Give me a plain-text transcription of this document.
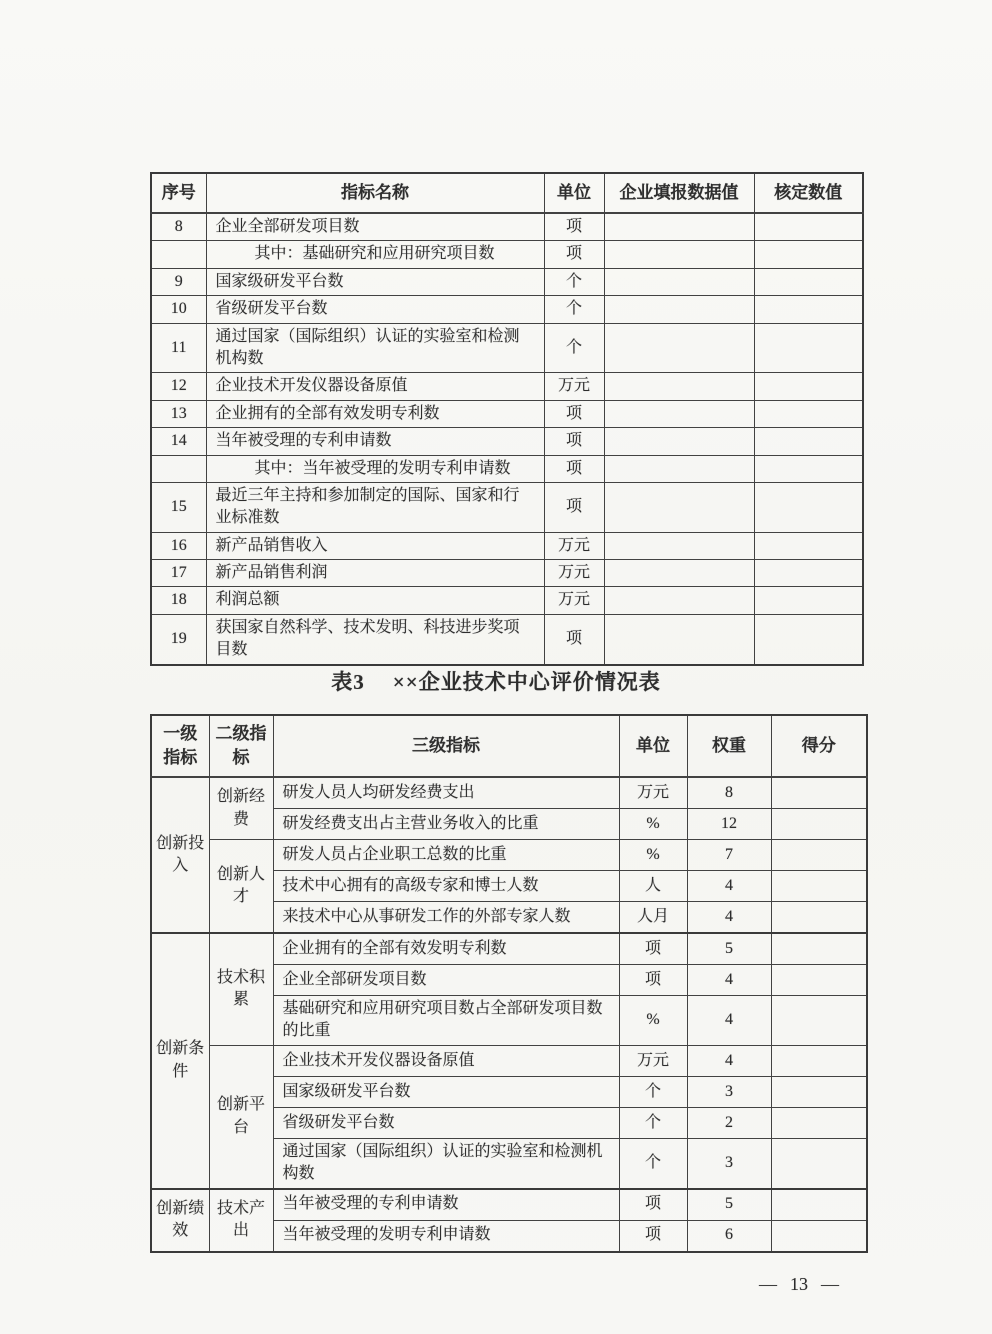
序号	指标名称	单位	企业填报数据值	核定数值
8	企业全部研发项目数	项		
	其中：基础研究和应用研究项目数	项		
9	国家级研发平台数	个		
10	省级研发平台数	个		
11	通过国家（国际组织）认证的实验室和检测机构数	个		
12	企业技术开发仪器设备原值	万元		
13	企业拥有的全部有效发明专利数	项		
14	当年被受理的专利申请数	项		
	其中：当年被受理的发明专利申请数	项		
15	最近三年主持和参加制定的国际、国家和行业标准数	项		
16	新产品销售收入	万元		
17	新产品销售利润	万元		
18	利润总额	万元		
19	获国家自然科学、技术发明、科技进步奖项目数	项		
表3 ××企业技术中心评价情况表
一级指标	二级指标	三级指标	单位	权重	得分
创新投入	创新经费	研发人员人均研发经费支出	万元	8	
		研发经费支出占主营业务收入的比重	%	12	
	创新人才	研发人员占企业职工总数的比重	%	7	
		技术中心拥有的高级专家和博士人数	人	4	
		来技术中心从事研发工作的外部专家人数	人月	4	
创新条件	技术积累	企业拥有的全部有效发明专利数	项	5	
		企业全部研发项目数	项	4	
		基础研究和应用研究项目数占全部研发项目数的比重	%	4	
	创新平台	企业技术开发仪器设备原值	万元	4	
		国家级研发平台数	个	3	
		省级研发平台数	个	2	
		通过国家（国际组织）认证的实验室和检测机构数	个	3	
创新绩效	技术产出	当年被受理的专利申请数	项	5	
		当年被受理的发明专利申请数	项	6	
— 13 —
